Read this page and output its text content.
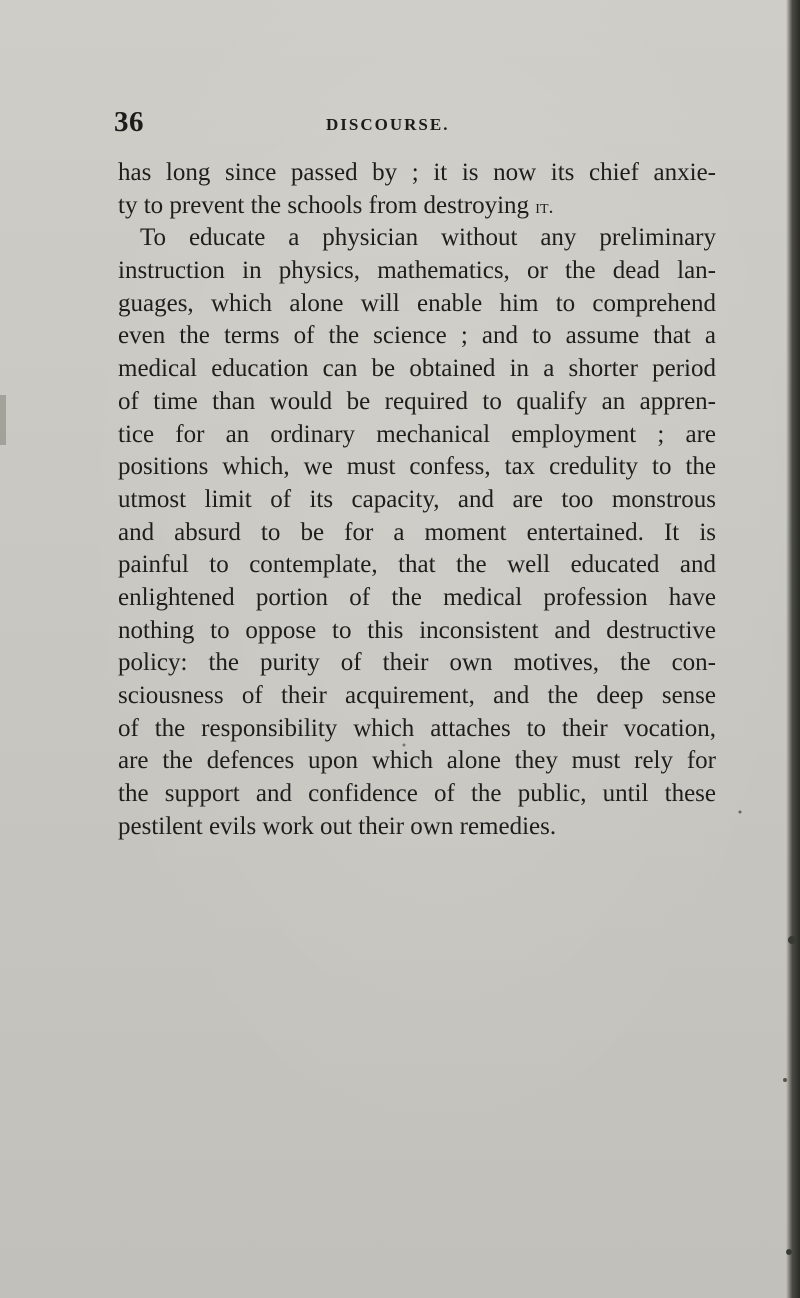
36	DISCOURSE.
has long since passed by ; it is now its chief anxie-
ty to prevent the schools from destroying it.
To educate a physician without any preliminary
instruction in physics, mathematics, or the dead lan-
guages, which alone will enable him to comprehend
even the terms of the science ; and to assume that a
medical education can be obtained in a shorter period
of time than would be required to qualify an appren-
tice for an ordinary mechanical employment ; are
positions which, we must confess, tax credulity to the
utmost limit of its capacity, and are too monstrous
and absurd to be for a moment entertained. It is
painful to contemplate, that the well educated and
enlightened portion of the medical profession have
nothing to oppose to this inconsistent and destructive
policy: the purity of their own motives, the con-
sciousness of their acquirement, and the deep sense
of the responsibility which attaches to their vocation,
are the defences upon which alone they must rely for
the support and confidence of the public, until these
pestilent evils work out their own remedies.
